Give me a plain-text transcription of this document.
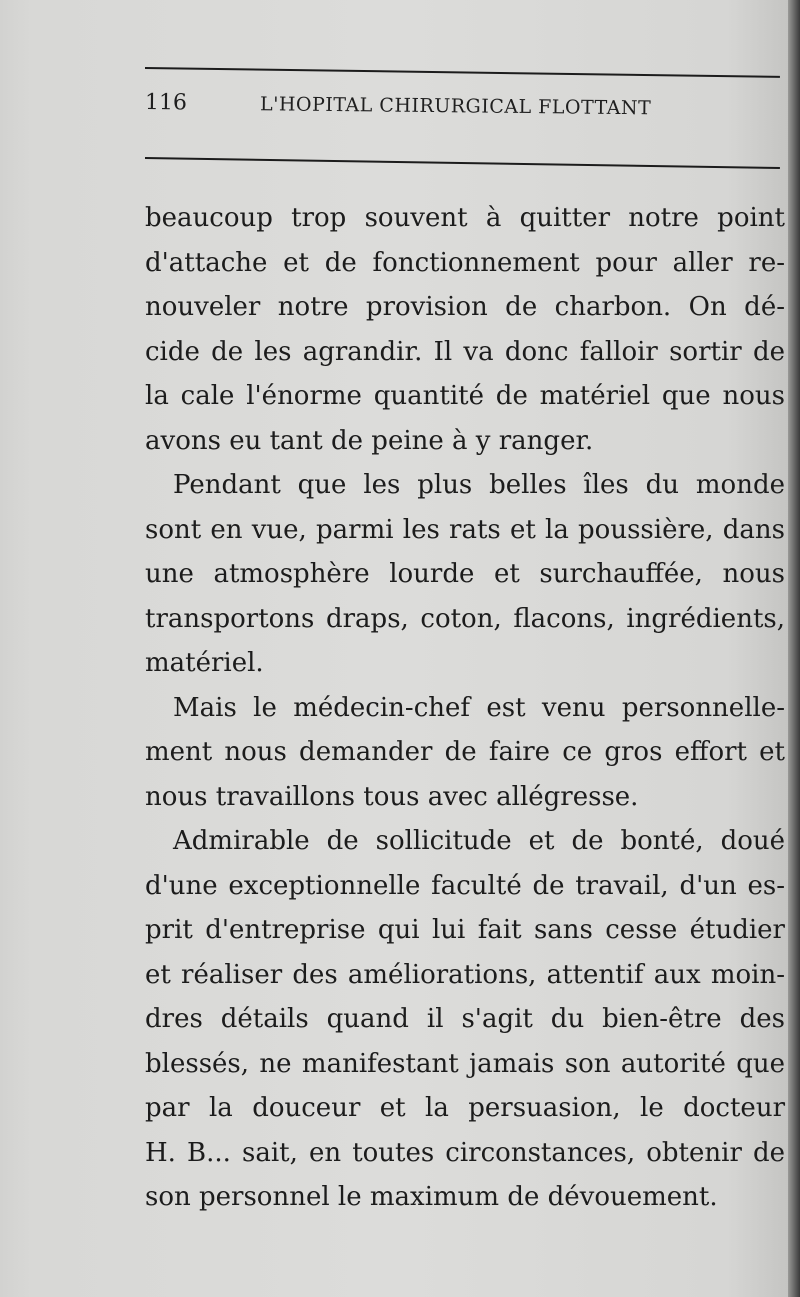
116	L'HOPITAL CHIRURGICAL FLOTTANT
beaucoup trop souvent à quitter notre point
d'attache et de fonctionnement pour aller re-
nouveler notre provision de charbon. On dé-
cide de les agrandir. Il va donc falloir sortir de
la cale l'énorme quantité de matériel que nous
avons eu tant de peine à y ranger.
Pendant que les plus belles îles du monde
sont en vue, parmi les rats et la poussière, dans
une atmosphère lourde et surchauffée, nous
transportons draps, coton, flacons, ingrédients,
matériel.
Mais le médecin-chef est venu personnelle-
ment nous demander de faire ce gros effort et
nous travaillons tous avec allégresse.
Admirable de sollicitude et de bonté, doué
d'une exceptionnelle faculté de travail, d'un es-
prit d'entreprise qui lui fait sans cesse étudier
et réaliser des améliorations, attentif aux moin-
dres détails quand il s'agit du bien-être des
blessés, ne manifestant jamais son autorité que
par la douceur et la persuasion, le docteur
H. B... sait, en toutes circonstances, obtenir de
son personnel le maximum de dévouement.
